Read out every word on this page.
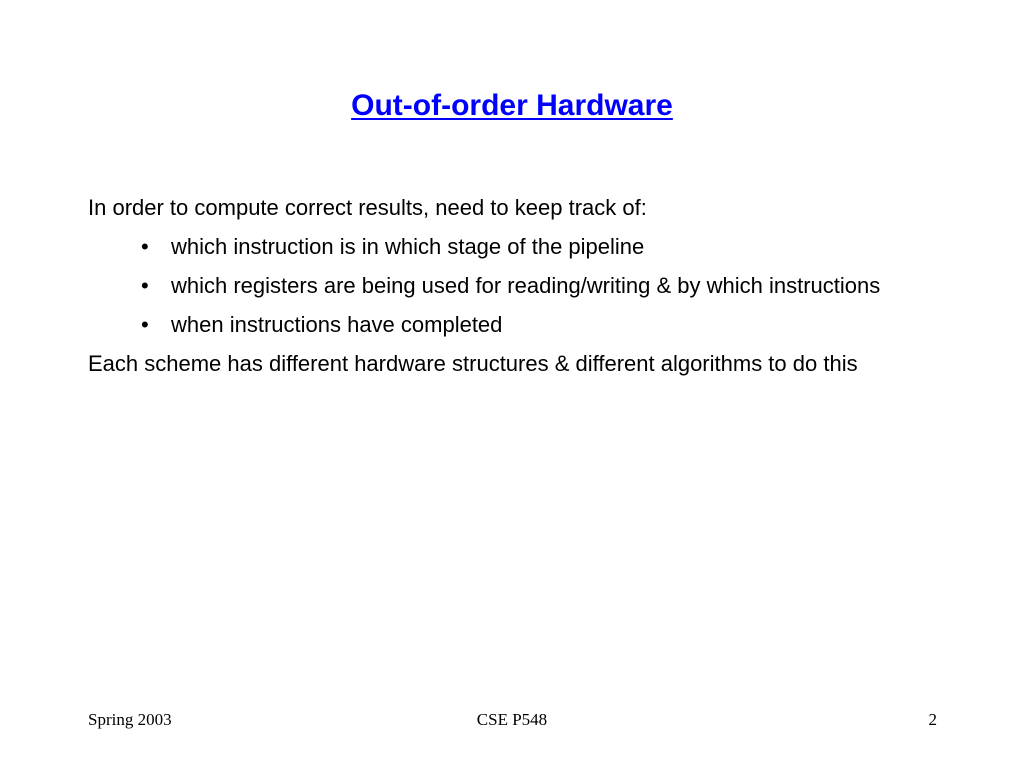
Out-of-order Hardware

In order to compute correct results, need to keep track of:

• which instruction is in which stage of the pipeline
• which registers are being used for reading/writing & by which instructions
• when instructions have completed

Each scheme has different hardware structures & different algorithms to do this

Spring 2003	CSE P548	2
